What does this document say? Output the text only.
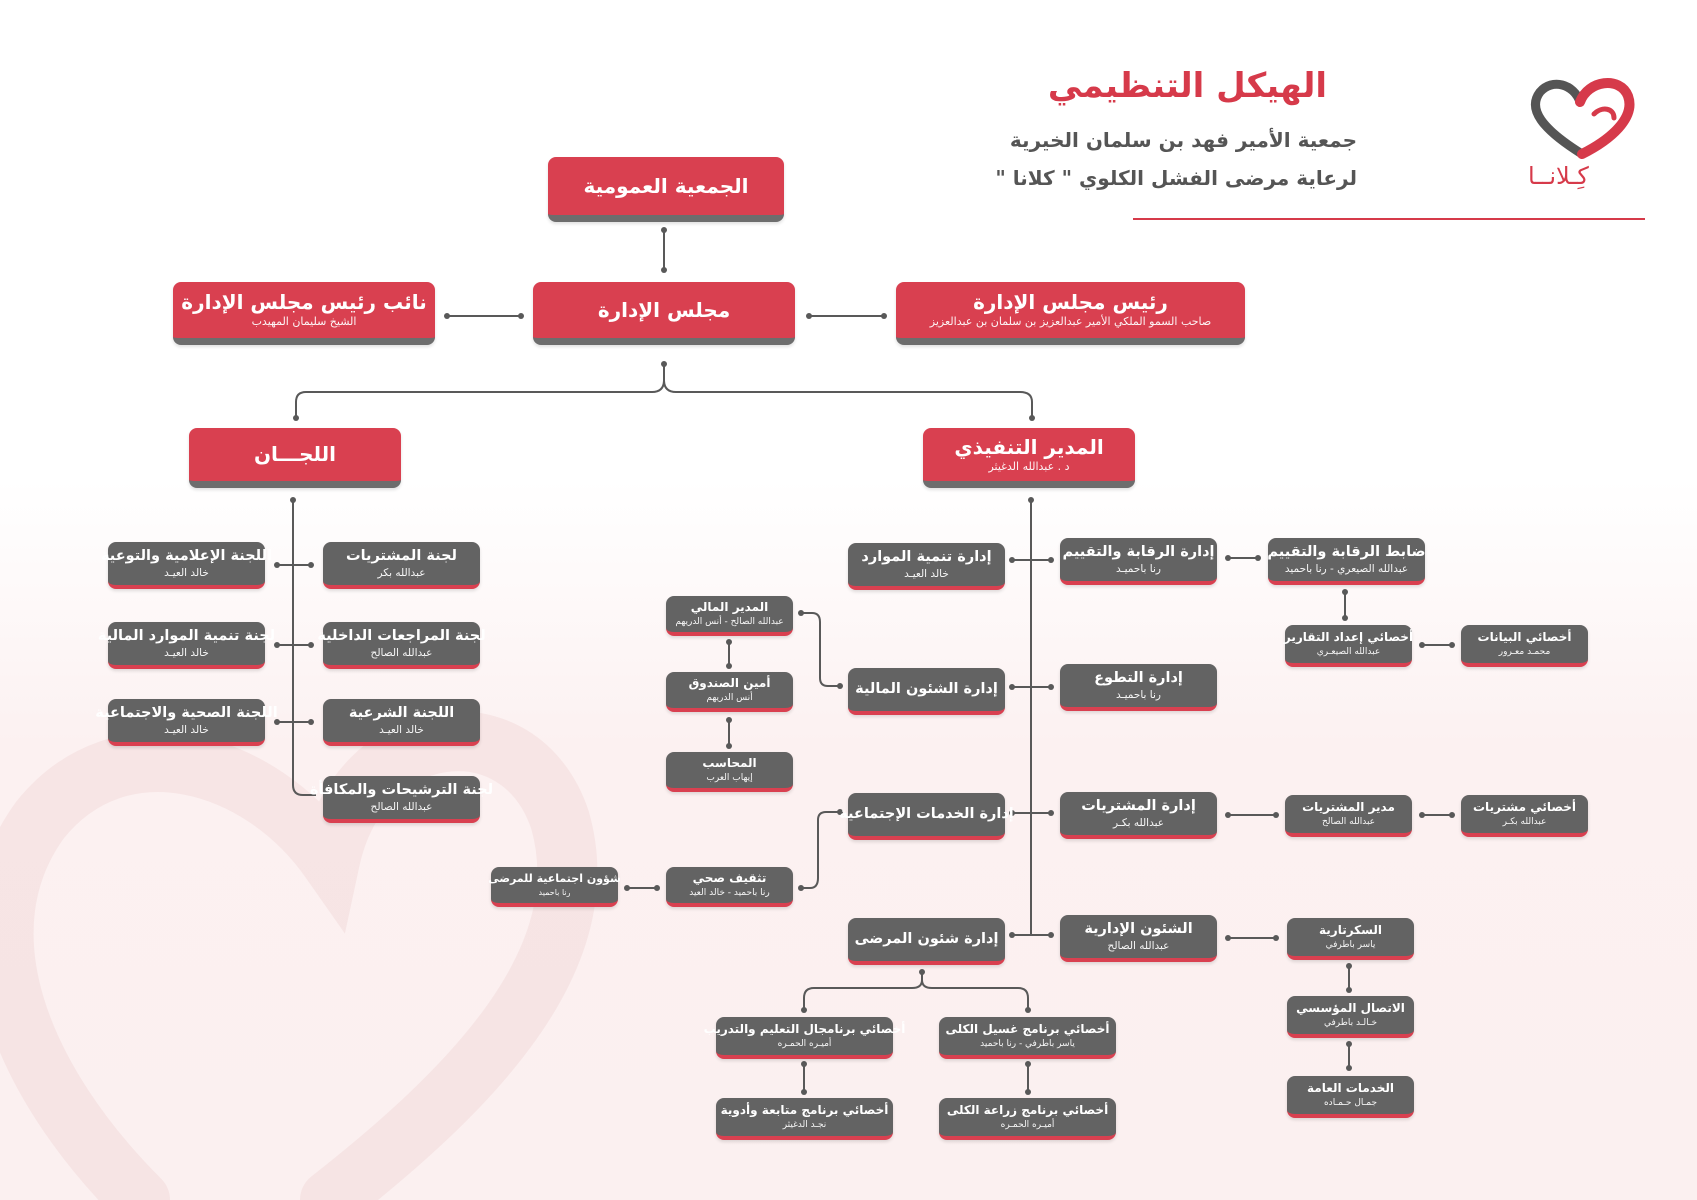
الهيكل التنظيمي
جمعية الأمير فهد بن سلمان الخيرية
لرعاية مرضى الفشل الكلوي " كلانا "	كِـلانــا
الجمعية العمومية
مجلس الإدارة	رئيس مجلس الإدارة
صاحب السمو الملكي الأمير عبدالعزيز بن سلمان بن عبدالعزيز
نائب رئيس مجلس الإدارة
الشيخ سليمان المهيدب
المدير التنفيذي
د . عبدالله الدغيثر
اللجـــان
لجنة المشتريات
عبدالله بكر
اللجنة الإعلامية والتوعية
خالد العيـد
لجنة المراجعات الداخلية
عبدالله الصالح
لجنة تنمية الموارد المالية
خالد العيـد
اللجنة الشرعية
خالد العيـد
اللجنة الصحية والاجتماعية
خالد العيـد
لجنة الترشيحات والمكافأة
عبدالله الصالح
إدارة الرقابة والتقييم
رنا باحميـد
إدارة تنمية الموارد
خالد العيـد
ضابط الرقابة والتقييم
عبدالله الصيعري - رنا باحميد
أخصائي إعداد التقارير
عبدالله الصيعـري
أخصائي البيانات
محمـد معـرور
إدارة التطوع
رنا باحميـد
إدارة الشئون المالية
المدير المالي
عبدالله الصالح - أنس الدريهم
أمين الصندوق
أنس الدريهم
المحاسب
إيهاب العرب
إدارة المشتريات
عبدالله بكـر
مدير المشتريات
عبدالله الصالح
أخصائي مشتريات
عبدالله بكـر
إدارة الخدمات الإجتماعية
تثقيف صحي
رنا باحميد - خالد العيد
شؤون اجتماعية للمرضى
رنا باحميد
الشئون الإدارية
عبدالله الصالح
السكرتارية
ياسر باطرفي
الاتصال المؤسسي
خـالـد باطرفي
الخدمات العامة
جمـال حـمـاده
إدارة شئون المرضى
أخصائي برنامج غسيل الكلى
ياسر باطرفي - رنا باحميد
أخصائي برنامجال التعليم والتدريب
أميـره الحمـره
أخصائي برنامج زراعة الكلى
أميـره الحمـره
أخصائي برنامج متابعة وأدوية
نجـد الدغيثر
